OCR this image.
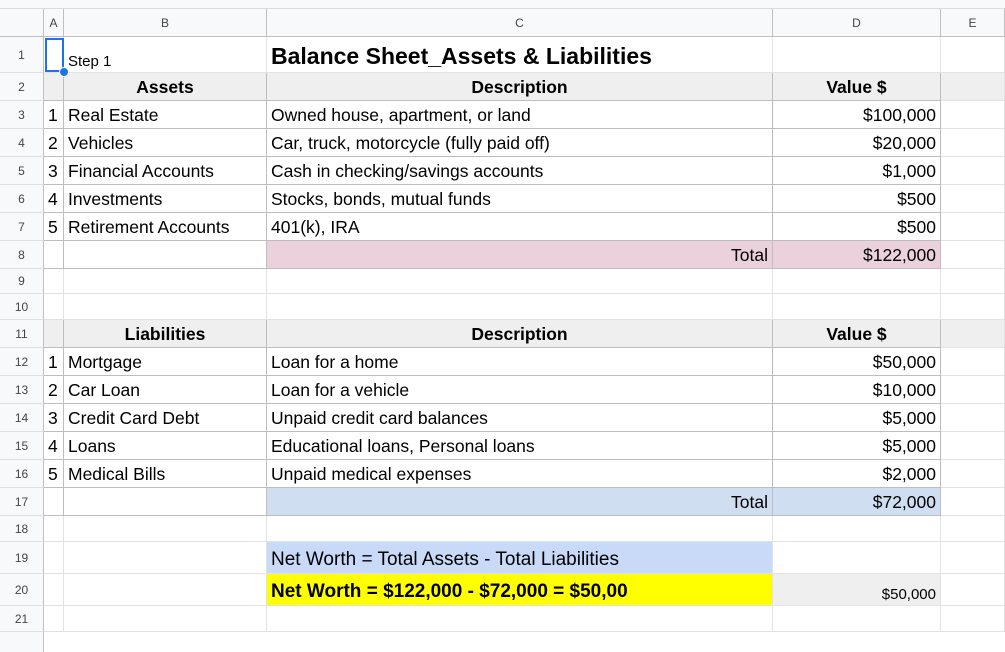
A	B	C	D	E
1
2
3
4
5
6
7
8
9
10
11
12
13
14
15
16
17
18
19
20
21
Step 1	Balance Sheet_Assets & Liabilities
Assets	Description	Value $
1 Real Estate	Owned house, apartment, or land	$100,000
2 Vehicles	Car, truck, motorcycle (fully paid off)	$20,000
3 Financial Accounts	Cash in checking/savings accounts	$1,000
4 Investments	Stocks, bonds, mutual funds	$500
5 Retirement Accounts	401(k), IRA	$500
Total	$122,000
Liabilities	Description	Value $
1 Mortgage	Loan for a home	$50,000
2 Car Loan	Loan for a vehicle	$10,000
3 Credit Card Debt	Unpaid credit card balances	$5,000
4 Loans	Educational loans, Personal loans	$5,000
5 Medical Bills	Unpaid medical expenses	$2,000
Total	$72,000
Net Worth = Total Assets - Total Liabilities
Net Worth = $122,000 - $72,000 = $50,00	$50,000
